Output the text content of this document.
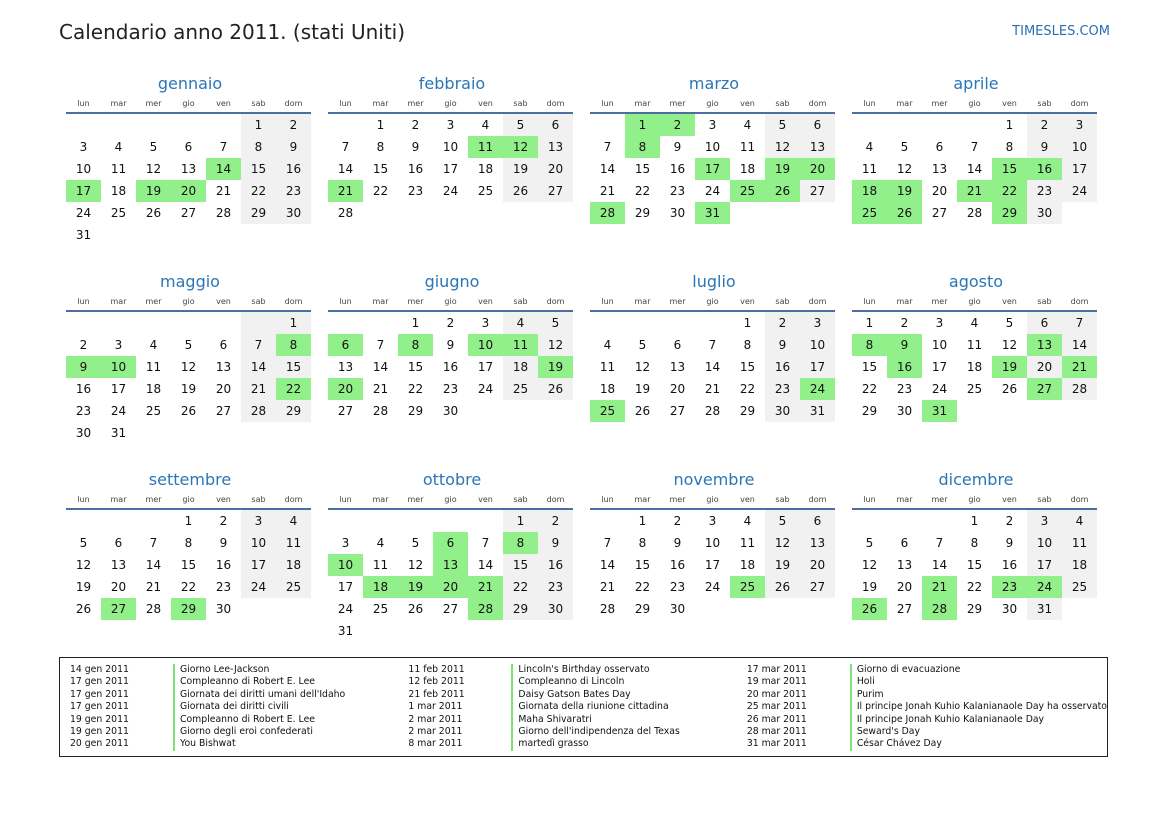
Calendario anno 2011. (stati Uniti)	TIMESLES.COM
gennaio
lun	mar	mer	gio	ven	sab	dom
					1	2
3	4	5	6	7	8	9
10	11	12	13	14	15	16
17	18	19	20	21	22	23
24	25	26	27	28	29	30
31						
febbraio
lun	mar	mer	gio	ven	sab	dom
	1	2	3	4	5	6
7	8	9	10	11	12	13
14	15	16	17	18	19	20
21	22	23	24	25	26	27
28						
marzo
lun	mar	mer	gio	ven	sab	dom
	1	2	3	4	5	6
7	8	9	10	11	12	13
14	15	16	17	18	19	20
21	22	23	24	25	26	27
28	29	30	31			
aprile
lun	mar	mer	gio	ven	sab	dom
				1	2	3
4	5	6	7	8	9	10
11	12	13	14	15	16	17
18	19	20	21	22	23	24
25	26	27	28	29	30	
maggio
lun	mar	mer	gio	ven	sab	dom
						1
2	3	4	5	6	7	8
9	10	11	12	13	14	15
16	17	18	19	20	21	22
23	24	25	26	27	28	29
30	31					
giugno
lun	mar	mer	gio	ven	sab	dom
		1	2	3	4	5
6	7	8	9	10	11	12
13	14	15	16	17	18	19
20	21	22	23	24	25	26
27	28	29	30			
luglio
lun	mar	mer	gio	ven	sab	dom
				1	2	3
4	5	6	7	8	9	10
11	12	13	14	15	16	17
18	19	20	21	22	23	24
25	26	27	28	29	30	31
agosto
lun	mar	mer	gio	ven	sab	dom
1	2	3	4	5	6	7
8	9	10	11	12	13	14
15	16	17	18	19	20	21
22	23	24	25	26	27	28
29	30	31				
settembre
lun	mar	mer	gio	ven	sab	dom
			1	2	3	4
5	6	7	8	9	10	11
12	13	14	15	16	17	18
19	20	21	22	23	24	25
26	27	28	29	30		
ottobre
lun	mar	mer	gio	ven	sab	dom
					1	2
3	4	5	6	7	8	9
10	11	12	13	14	15	16
17	18	19	20	21	22	23
24	25	26	27	28	29	30
31						
novembre
lun	mar	mer	gio	ven	sab	dom
	1	2	3	4	5	6
7	8	9	10	11	12	13
14	15	16	17	18	19	20
21	22	23	24	25	26	27
28	29	30				
dicembre
lun	mar	mer	gio	ven	sab	dom
			1	2	3	4
5	6	7	8	9	10	11
12	13	14	15	16	17	18
19	20	21	22	23	24	25
26	27	28	29	30	31	
14 gen 2011	Giorno Lee-Jackson
17 gen 2011	Compleanno di Robert E. Lee
17 gen 2011	Giornata dei diritti umani dell'Idaho
17 gen 2011	Giornata dei diritti civili
19 gen 2011	Compleanno di Robert E. Lee
19 gen 2011	Giorno degli eroi confederati
20 gen 2011	You Bishwat
11 feb 2011	Lincoln's Birthday osservato
12 feb 2011	Compleanno di Lincoln
21 feb 2011	Daisy Gatson Bates Day
1 mar 2011	Giornata della riunione cittadina
2 mar 2011	Maha Shivaratri
2 mar 2011	Giorno dell'indipendenza del Texas
8 mar 2011	martedì grasso
17 mar 2011	Giorno di evacuazione
19 mar 2011	Holi
20 mar 2011	Purim
25 mar 2011	Il principe Jonah Kuhio Kalanianaole Day ha osservato
26 mar 2011	Il principe Jonah Kuhio Kalanianaole Day
28 mar 2011	Seward's Day
31 mar 2011	César Chávez Day
